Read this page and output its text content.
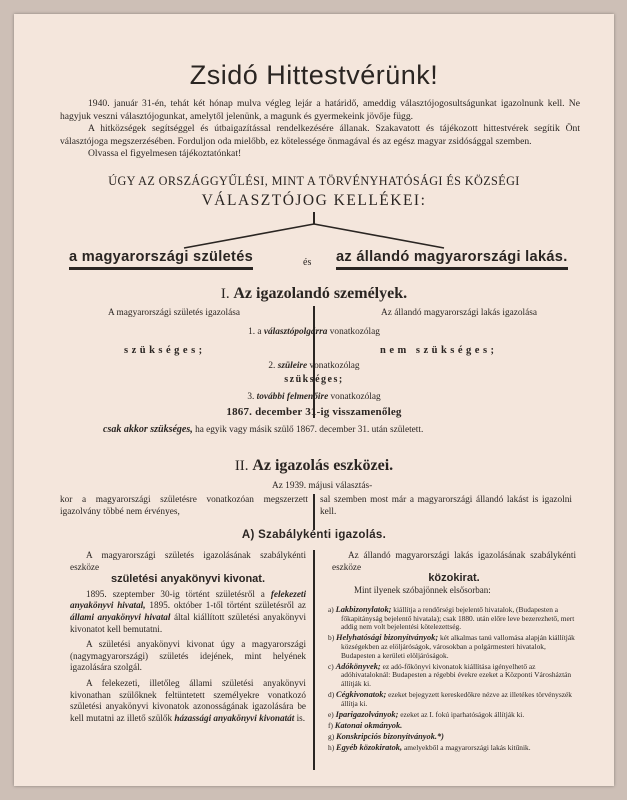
Zsidó Hittestvérünk!

1940. január 31-én, tehát két hónap mulva végleg lejár a határidő, ameddig választójogosultságunkat igazolnunk kell. Ne hagyjuk veszni választójogunkat, amelytől jelenünk, a magunk és gyermekeink jövője függ.

A hitközségek segítséggel és útbaigazítással rendelkezésére állanak. Szakavatott és tájékozott hittestvérek segítik Önt választójoga megszerzésében. Forduljon oda mielőbb, ez kötelessége önmagával és az egész magyar zsidósággal szemben.

Olvassa el figyelmesen tájékoztatónkat!

ÚGY AZ ORSZÁGGYŰLÉSI, MINT A TÖRVÉNYHATÓSÁGI ÉS KÖZSÉGI
VÁLASZTÓJOG KELLÉKEI:
a magyarországi születés	és az állandó magyarországi lakás.
I. Az igazolandó személyek.
A magyarországi születés igazolása	Az állandó magyarországi lakás igazolása
1. a választópolgárra vonatkozólag
szükséges;	nem szükséges;
2. szüleire vonatkozólag
szükséges;
3. további felmenőire vonatkozólag
1867. december 31-ig visszamenőleg
csak akkor szükséges, ha egyik vagy másik szülő 1867. december 31. után született.
II. Az igazolás eszközei.
Az 1939. májusi választás-
kor a magyarországi születésre vonatkozóan megszerzett igazolvány többé nem érvényes,
sal szemben most már a magyarországi állandó lakást is igazolni kell.
A) Szabálykénti igazolás.

A magyarországi születés igazolásának szabálykénti eszköze

születési anyakönyvi kivonat.

1895. szeptember 30-ig történt születésről a felekezeti anyakönyvi hivatal, 1895. október 1-től történt születésről az állami anyakönyvi hivatal által kiállított születési anyakönyvi kivonatot kell bemutatni.

A születési anyakönyvi kivonat úgy a magyarországi (nagymagyarországi) születés idejének, mint helyének igazolására szolgál.

A felekezeti, illetőleg állami születési anyakönyvi kivonathan szülőknek feltüntetett személyekre vonatkozó születési anyakönyvi kivonatok azonosságának igazolására be kell mutatni az illető szülők házassági anyakönyvi kivonatát is.

Az állandó magyarországi lakás igazolásának szabálykénti eszköze

közokirat.
Mint ilyenek szóbajönnek elsősorban:
a) Lakbizonylatok; kiállítja a rendőrségi bejelentő hivatalok, (Budapesten a főkapitányság bejelentő hivatala); csak 1880. után előre leve bezerezhető, mert addig nem volt bejelentési kötelezettség.
b) Helyhatósági bizonyítványok; két alkalmas tanú vallomása alapján kiállítják községekben az elöljáróságok, városokban a polgármesteri hivatalok, Budapesten a kerületi elöljáróságok.
c) Adókönyvek; ez adó-főkönyvi kivonatok kiállítása igényelhető az adóhivataloknál: Budapesten a régebbi évekre ezeket a Központi Városháztán állítják ki.
d) Cégkivonatok; ezeket bejegyzett kereskedőkre nézve az illetékes törvényszék állítja ki.
e) Iparigazolványok; ezeket az I. fokú iparhatóságok állítják ki.
f) Katonai okmányok.
g) Konskripciós bizonyítványok.*)
h) Egyéb közokiratok, amelyekből a magyarországi lakás kitűnik.
